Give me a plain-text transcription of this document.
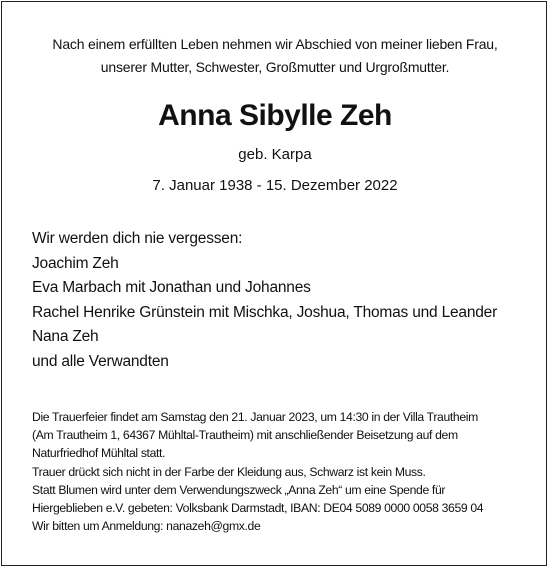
Nach einem erfüllten Leben nehmen wir Abschied von meiner lieben Frau,
unserer Mutter, Schwester, Großmutter und Urgroßmutter.
Anna Sibylle Zeh
geb. Karpa
7. Januar 1938 - 15. Dezember 2022
Wir werden dich nie vergessen:
Joachim Zeh
Eva Marbach mit Jonathan und Johannes
Rachel Henrike Grünstein mit Mischka, Joshua, Thomas und Leander
Nana Zeh
und alle Verwandten
Die Trauerfeier findet am Samstag den 21. Januar 2023, um 14:30 in der Villa Trautheim
(Am Trautheim 1, 64367 Mühltal-Trautheim) mit anschließender Beisetzung auf dem
Naturfriedhof Mühltal statt.
Trauer drückt sich nicht in der Farbe der Kleidung aus, Schwarz ist kein Muss.
Statt Blumen wird unter dem Verwendungszweck „Anna Zeh“ um eine Spende für
Hiergeblieben e.V. gebeten: Volksbank Darmstadt, IBAN: DE04 5089 0000 0058 3659 04
Wir bitten um Anmeldung: nanazeh@gmx.de
